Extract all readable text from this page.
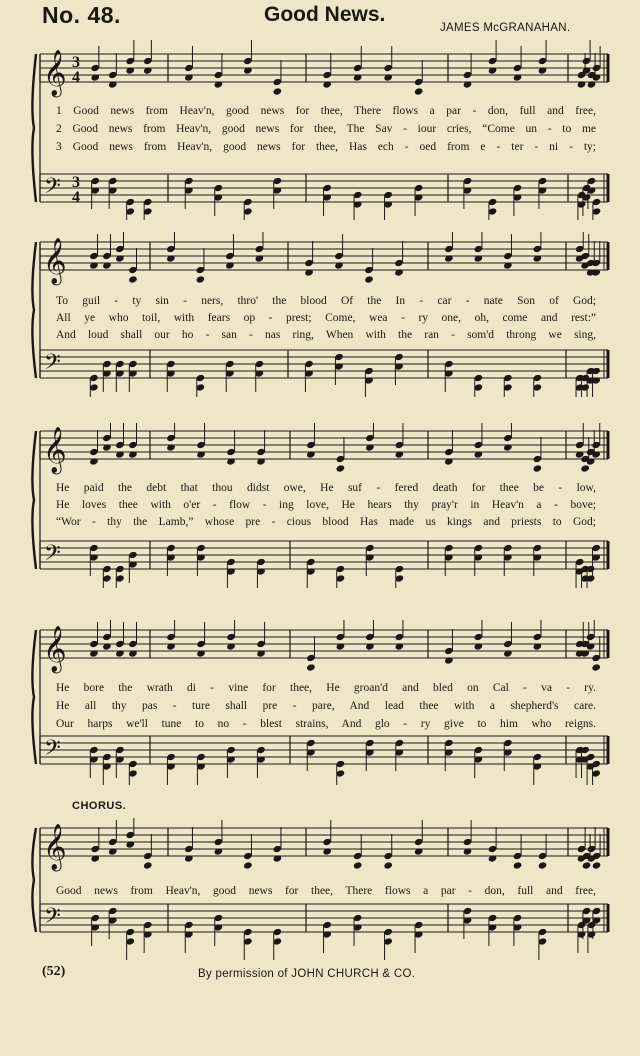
No. 48.	Good News.
JAMES McGRANAHAN.
𝄞 3
4
𝄢 3
4
1 Good news from Heav'n, good news for thee, There flows a par - don, full and free,
2 Good news from Heav'n, good news for thee, The Sav - iour cries, “Come un - to me
3 Good news from Heav'n, good news for thee, Has ech - oed from e - ter - ni - ty;
𝄞
𝄢
To guil - ty sin - ners, thro' the blood Of the In - car - nate Son of God;
All ye who toil, with fears op - prest; Come, wea - ry one, oh, come and rest:”
And loud shall our ho - san - nas ring, When with the ran - som'd throng we sing,
𝄞
𝄢
He paid the debt that thou didst owe, He suf - fered death for thee be - low,
He loves thee with o'er - flow - ing love, He hears thy pray'r in Heav'n a - bove;
“Wor - thy the Lamb,” whose pre - cious blood Has made us kings and priests to God;
𝄞
𝄢
He bore the wrath di - vine for thee, He groan'd and bled on Cal - va - ry.
He all thy pas - ture shall pre - pare, And lead thee with a shepherd's care.
Our harps we'll tune to no - blest strains, And glo - ry give to him who reigns.
CHORUS.
𝄞
𝄢
Good news from Heav'n, good news for thee, There flows a par - don, full and free,
(52)	By permission of JOHN CHURCH & CO.
